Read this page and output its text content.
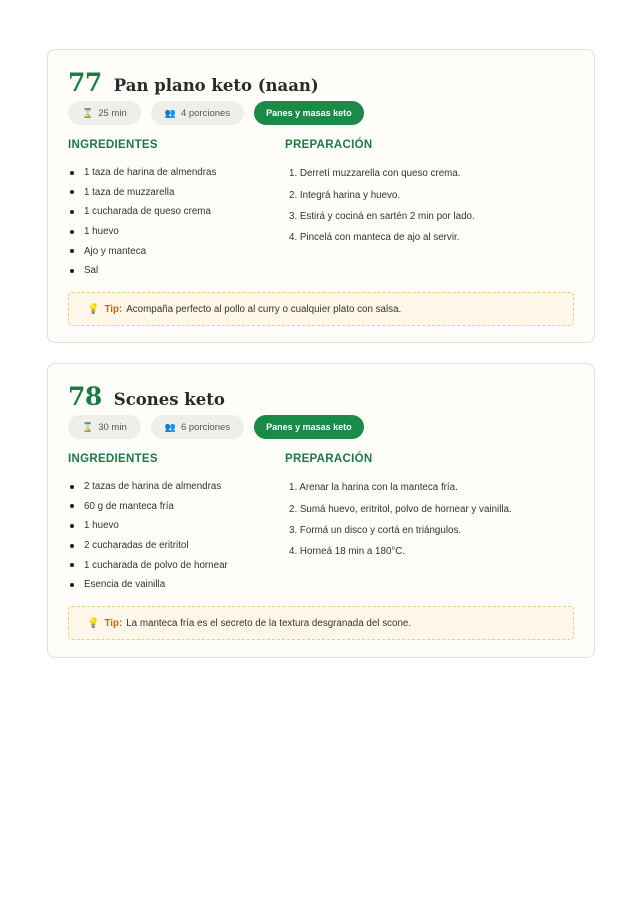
77 Pan plano keto (naan)
⌛ 25 min	👥 4 porciones	Panes y masas keto
INGREDIENTES	PREPARACIÓN
1 taza de harina de almendras
1 taza de muzzarella
1 cucharada de queso crema
1 huevo
Ajo y manteca
Sal
1. Derretí muzzarella con queso crema.
2. Integrá harina y huevo.
3. Estirá y cociná en sartén 2 min por lado.
4. Pincelá con manteca de ajo al servir.
💡 Tip: Acompaña perfecto al pollo al curry o cualquier plato con salsa.
78 Scones keto
⌛ 30 min	👥 6 porciones	Panes y masas keto
INGREDIENTES	PREPARACIÓN
2 tazas de harina de almendras
60 g de manteca fría
1 huevo
2 cucharadas de eritritol
1 cucharada de polvo de hornear
Esencia de vainilla
1. Arenar la harina con la manteca fría.
2. Sumá huevo, eritritol, polvo de hornear y vainilla.
3. Formá un disco y cortá en triángulos.
4. Horneá 18 min a 180°C.
💡 Tip: La manteca fría es el secreto de la textura desgranada del scone.
